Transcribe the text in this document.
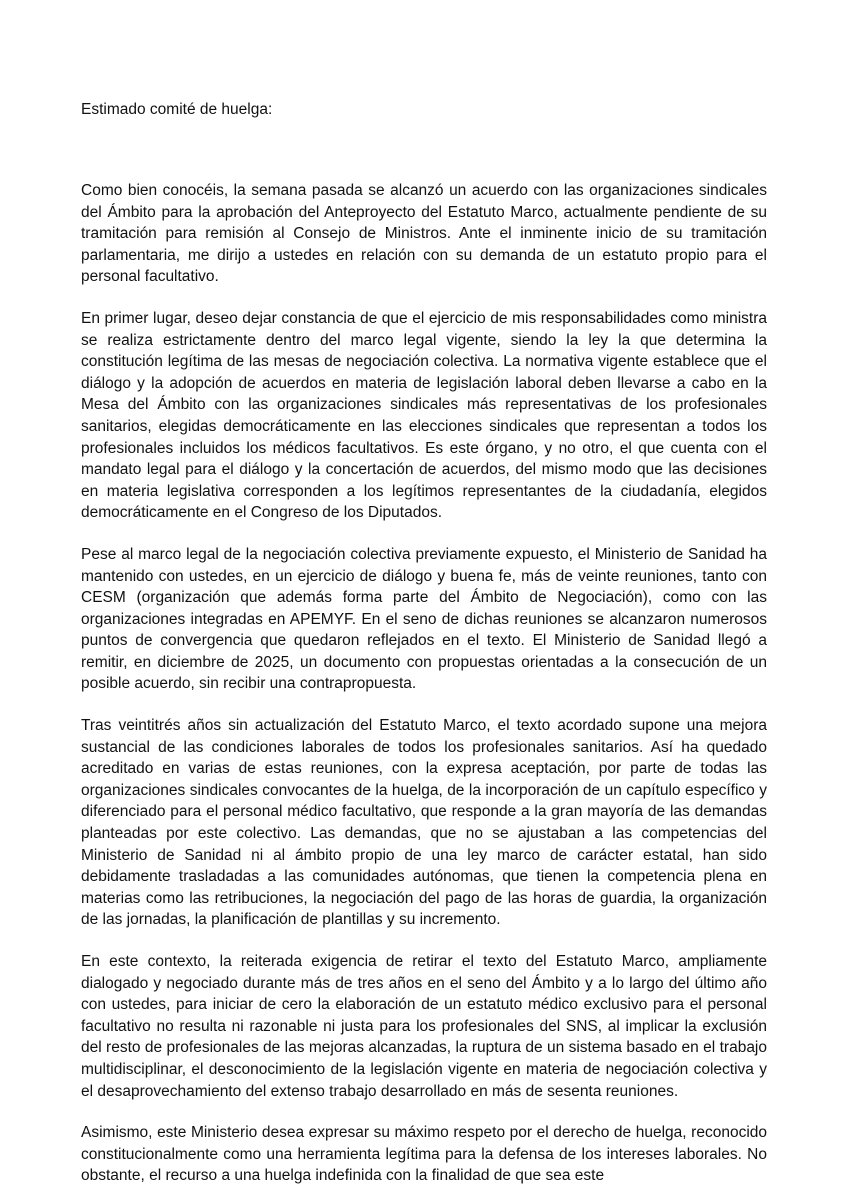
Estimado comité de huelga:

Como bien conocéis, la semana pasada se alcanzó un acuerdo con las organizaciones sindicales del Ámbito para la aprobación del Anteproyecto del Estatuto Marco, actualmente pendiente de su tramitación para remisión al Consejo de Ministros. Ante el inminente inicio de su tramitación parlamentaria, me dirijo a ustedes en relación con su demanda de un estatuto propio para el personal facultativo.

En primer lugar, deseo dejar constancia de que el ejercicio de mis responsabilidades como ministra se realiza estrictamente dentro del marco legal vigente, siendo la ley la que determina la constitución legítima de las mesas de negociación colectiva. La normativa vigente establece que el diálogo y la adopción de acuerdos en materia de legislación laboral deben llevarse a cabo en la Mesa del Ámbito con las organizaciones sindicales más representativas de los profesionales sanitarios, elegidas democráticamente en las elecciones sindicales que representan a todos los profesionales incluidos los médicos facultativos. Es este órgano, y no otro, el que cuenta con el mandato legal para el diálogo y la concertación de acuerdos, del mismo modo que las decisiones en materia legislativa corresponden a los legítimos representantes de la ciudadanía, elegidos democráticamente en el Congreso de los Diputados.

Pese al marco legal de la negociación colectiva previamente expuesto, el Ministerio de Sanidad ha mantenido con ustedes, en un ejercicio de diálogo y buena fe, más de veinte reuniones, tanto con CESM (organización que además forma parte del Ámbito de Negociación), como con las organizaciones integradas en APEMYF. En el seno de dichas reuniones se alcanzaron numerosos puntos de convergencia que quedaron reflejados en el texto. El Ministerio de Sanidad llegó a remitir, en diciembre de 2025, un documento con propuestas orientadas a la consecución de un posible acuerdo, sin recibir una contrapropuesta.

Tras veintitrés años sin actualización del Estatuto Marco, el texto acordado supone una mejora sustancial de las condiciones laborales de todos los profesionales sanitarios. Así ha quedado acreditado en varias de estas reuniones, con la expresa aceptación, por parte de todas las organizaciones sindicales convocantes de la huelga, de la incorporación de un capítulo específico y diferenciado para el personal médico facultativo, que responde a la gran mayoría de las demandas planteadas por este colectivo. Las demandas, que no se ajustaban a las competencias del Ministerio de Sanidad ni al ámbito propio de una ley marco de carácter estatal, han sido debidamente trasladadas a las comunidades autónomas, que tienen la competencia plena en materias como las retribuciones, la negociación del pago de las horas de guardia, la organización de las jornadas, la planificación de plantillas y su incremento.

En este contexto, la reiterada exigencia de retirar el texto del Estatuto Marco, ampliamente dialogado y negociado durante más de tres años en el seno del Ámbito y a lo largo del último año con ustedes, para iniciar de cero la elaboración de un estatuto médico exclusivo para el personal facultativo no resulta ni razonable ni justa para los profesionales del SNS, al implicar la exclusión del resto de profesionales de las mejoras alcanzadas, la ruptura de un sistema basado en el trabajo multidisciplinar, el desconocimiento de la legislación vigente en materia de negociación colectiva y el desaprovechamiento del extenso trabajo desarrollado en más de sesenta reuniones.

Asimismo, este Ministerio desea expresar su máximo respeto por el derecho de huelga, reconocido constitucionalmente como una herramienta legítima para la defensa de los intereses laborales. No obstante, el recurso a una huelga indefinida con la finalidad de que sea este
